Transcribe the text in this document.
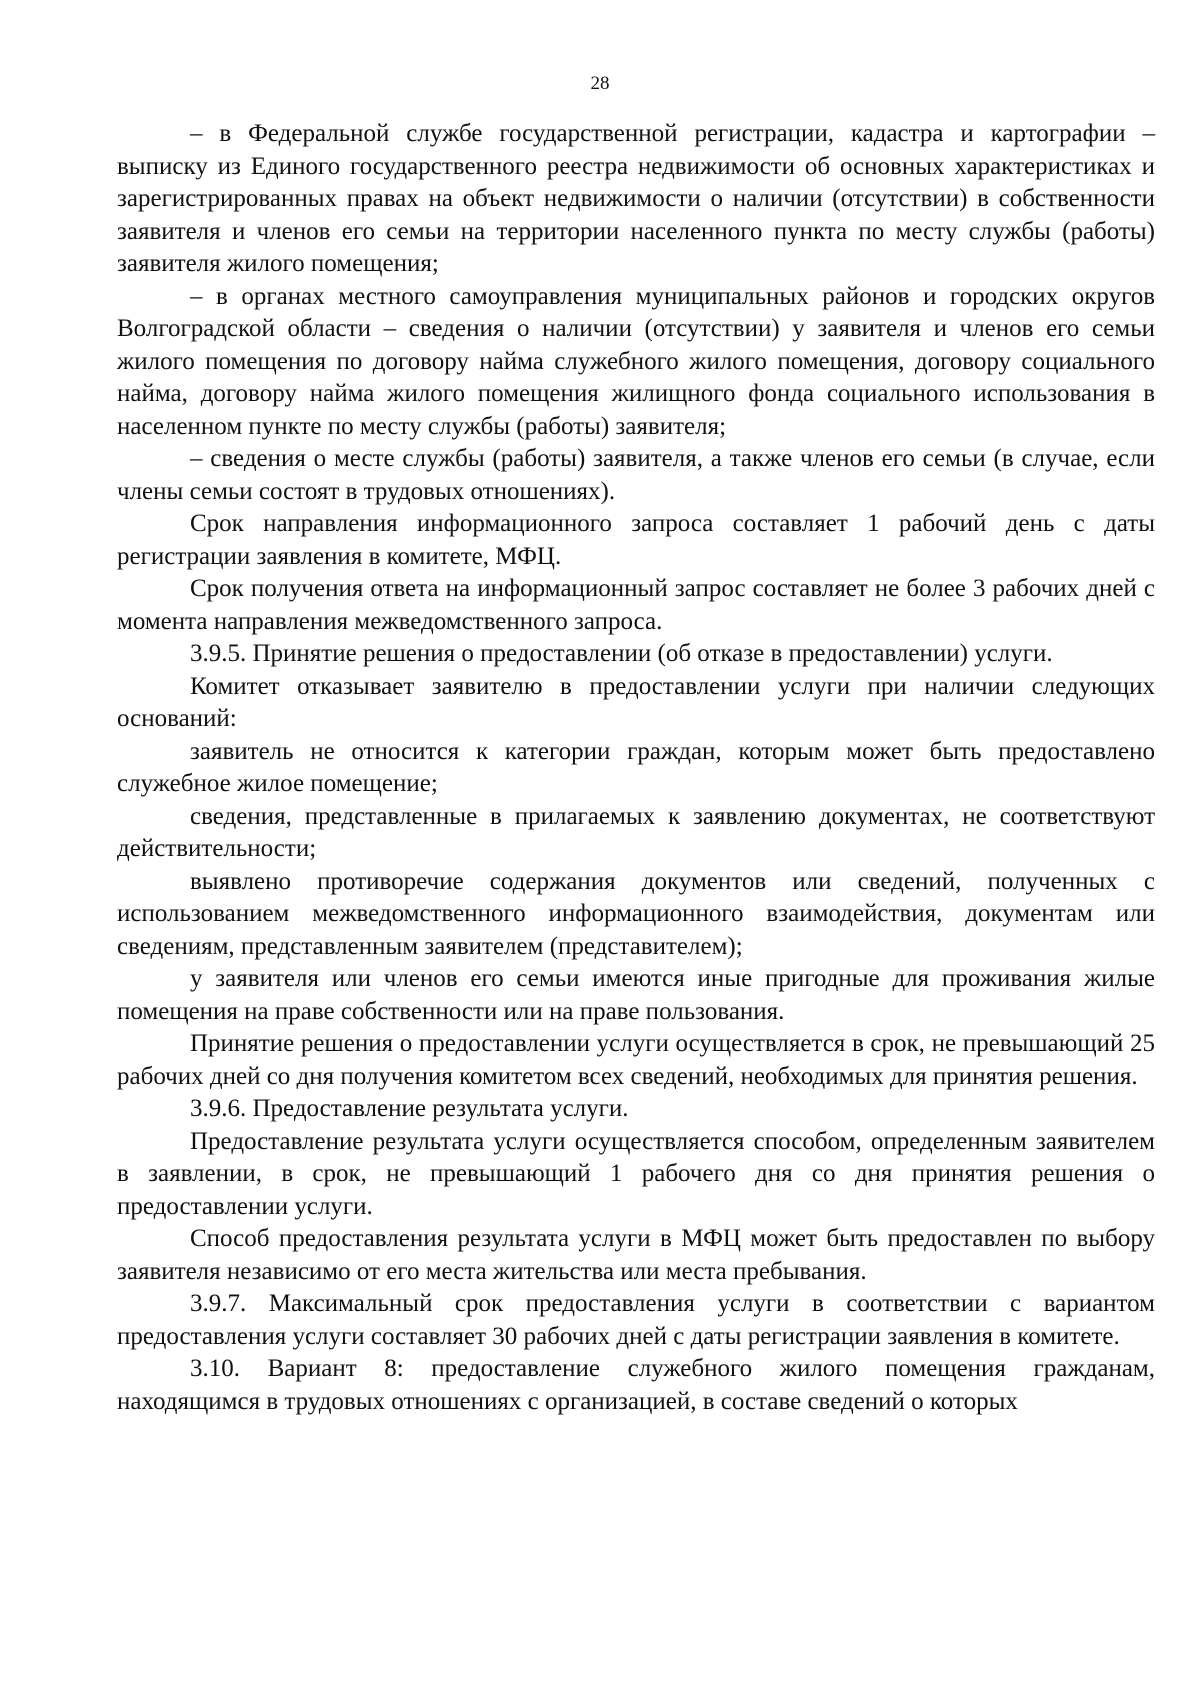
28

– в Федеральной службе государственной регистрации, кадастра и картографии – выписку из Единого государственного реестра недвижимости об основных характеристиках и зарегистрированных правах на объект недвижимости о наличии (отсутствии) в собственности заявителя и членов его семьи на территории населенного пункта по месту службы (работы) заявителя жилого помещения;

– в органах местного самоуправления муниципальных районов и городских округов Волгоградской области – сведения о наличии (отсутствии) у заявителя и членов его семьи жилого помещения по договору найма служебного жилого помещения, договору социального найма, договору найма жилого помещения жилищного фонда социального использования в населенном пункте по месту службы (работы) заявителя;

– сведения о месте службы (работы) заявителя, а также членов его семьи (в случае, если члены семьи состоят в трудовых отношениях).

Срок направления информационного запроса составляет 1 рабочий день с даты регистрации заявления в комитете, МФЦ.

Срок получения ответа на информационный запрос составляет не более 3 рабочих дней с момента направления межведомственного запроса.

3.9.5. Принятие решения о предоставлении (об отказе в предоставлении) услуги.

Комитет отказывает заявителю в предоставлении услуги при наличии следующих оснований:

заявитель не относится к категории граждан, которым может быть предоставлено служебное жилое помещение;

сведения, представленные в прилагаемых к заявлению документах, не соответствуют действительности;

выявлено противоречие содержания документов или сведений, полученных с использованием межведомственного информационного взаимодействия, документам или сведениям, представленным заявителем (представителем);

у заявителя или членов его семьи имеются иные пригодные для проживания жилые помещения на праве собственности или на праве пользования.

Принятие решения о предоставлении услуги осуществляется в срок, не превышающий 25 рабочих дней со дня получения комитетом всех сведений, необходимых для принятия решения.

3.9.6. Предоставление результата услуги.

Предоставление результата услуги осуществляется способом, определенным заявителем в заявлении, в срок, не превышающий 1 рабочего дня со дня принятия решения о предоставлении услуги.

Способ предоставления результата услуги в МФЦ может быть предоставлен по выбору заявителя независимо от его места жительства или места пребывания.

3.9.7. Максимальный срок предоставления услуги в соответствии с вариантом предоставления услуги составляет 30 рабочих дней с даты регистрации заявления в комитете.

3.10. Вариант 8: предоставление служебного жилого помещения гражданам, находящимся в трудовых отношениях с организацией, в составе сведений о которых
